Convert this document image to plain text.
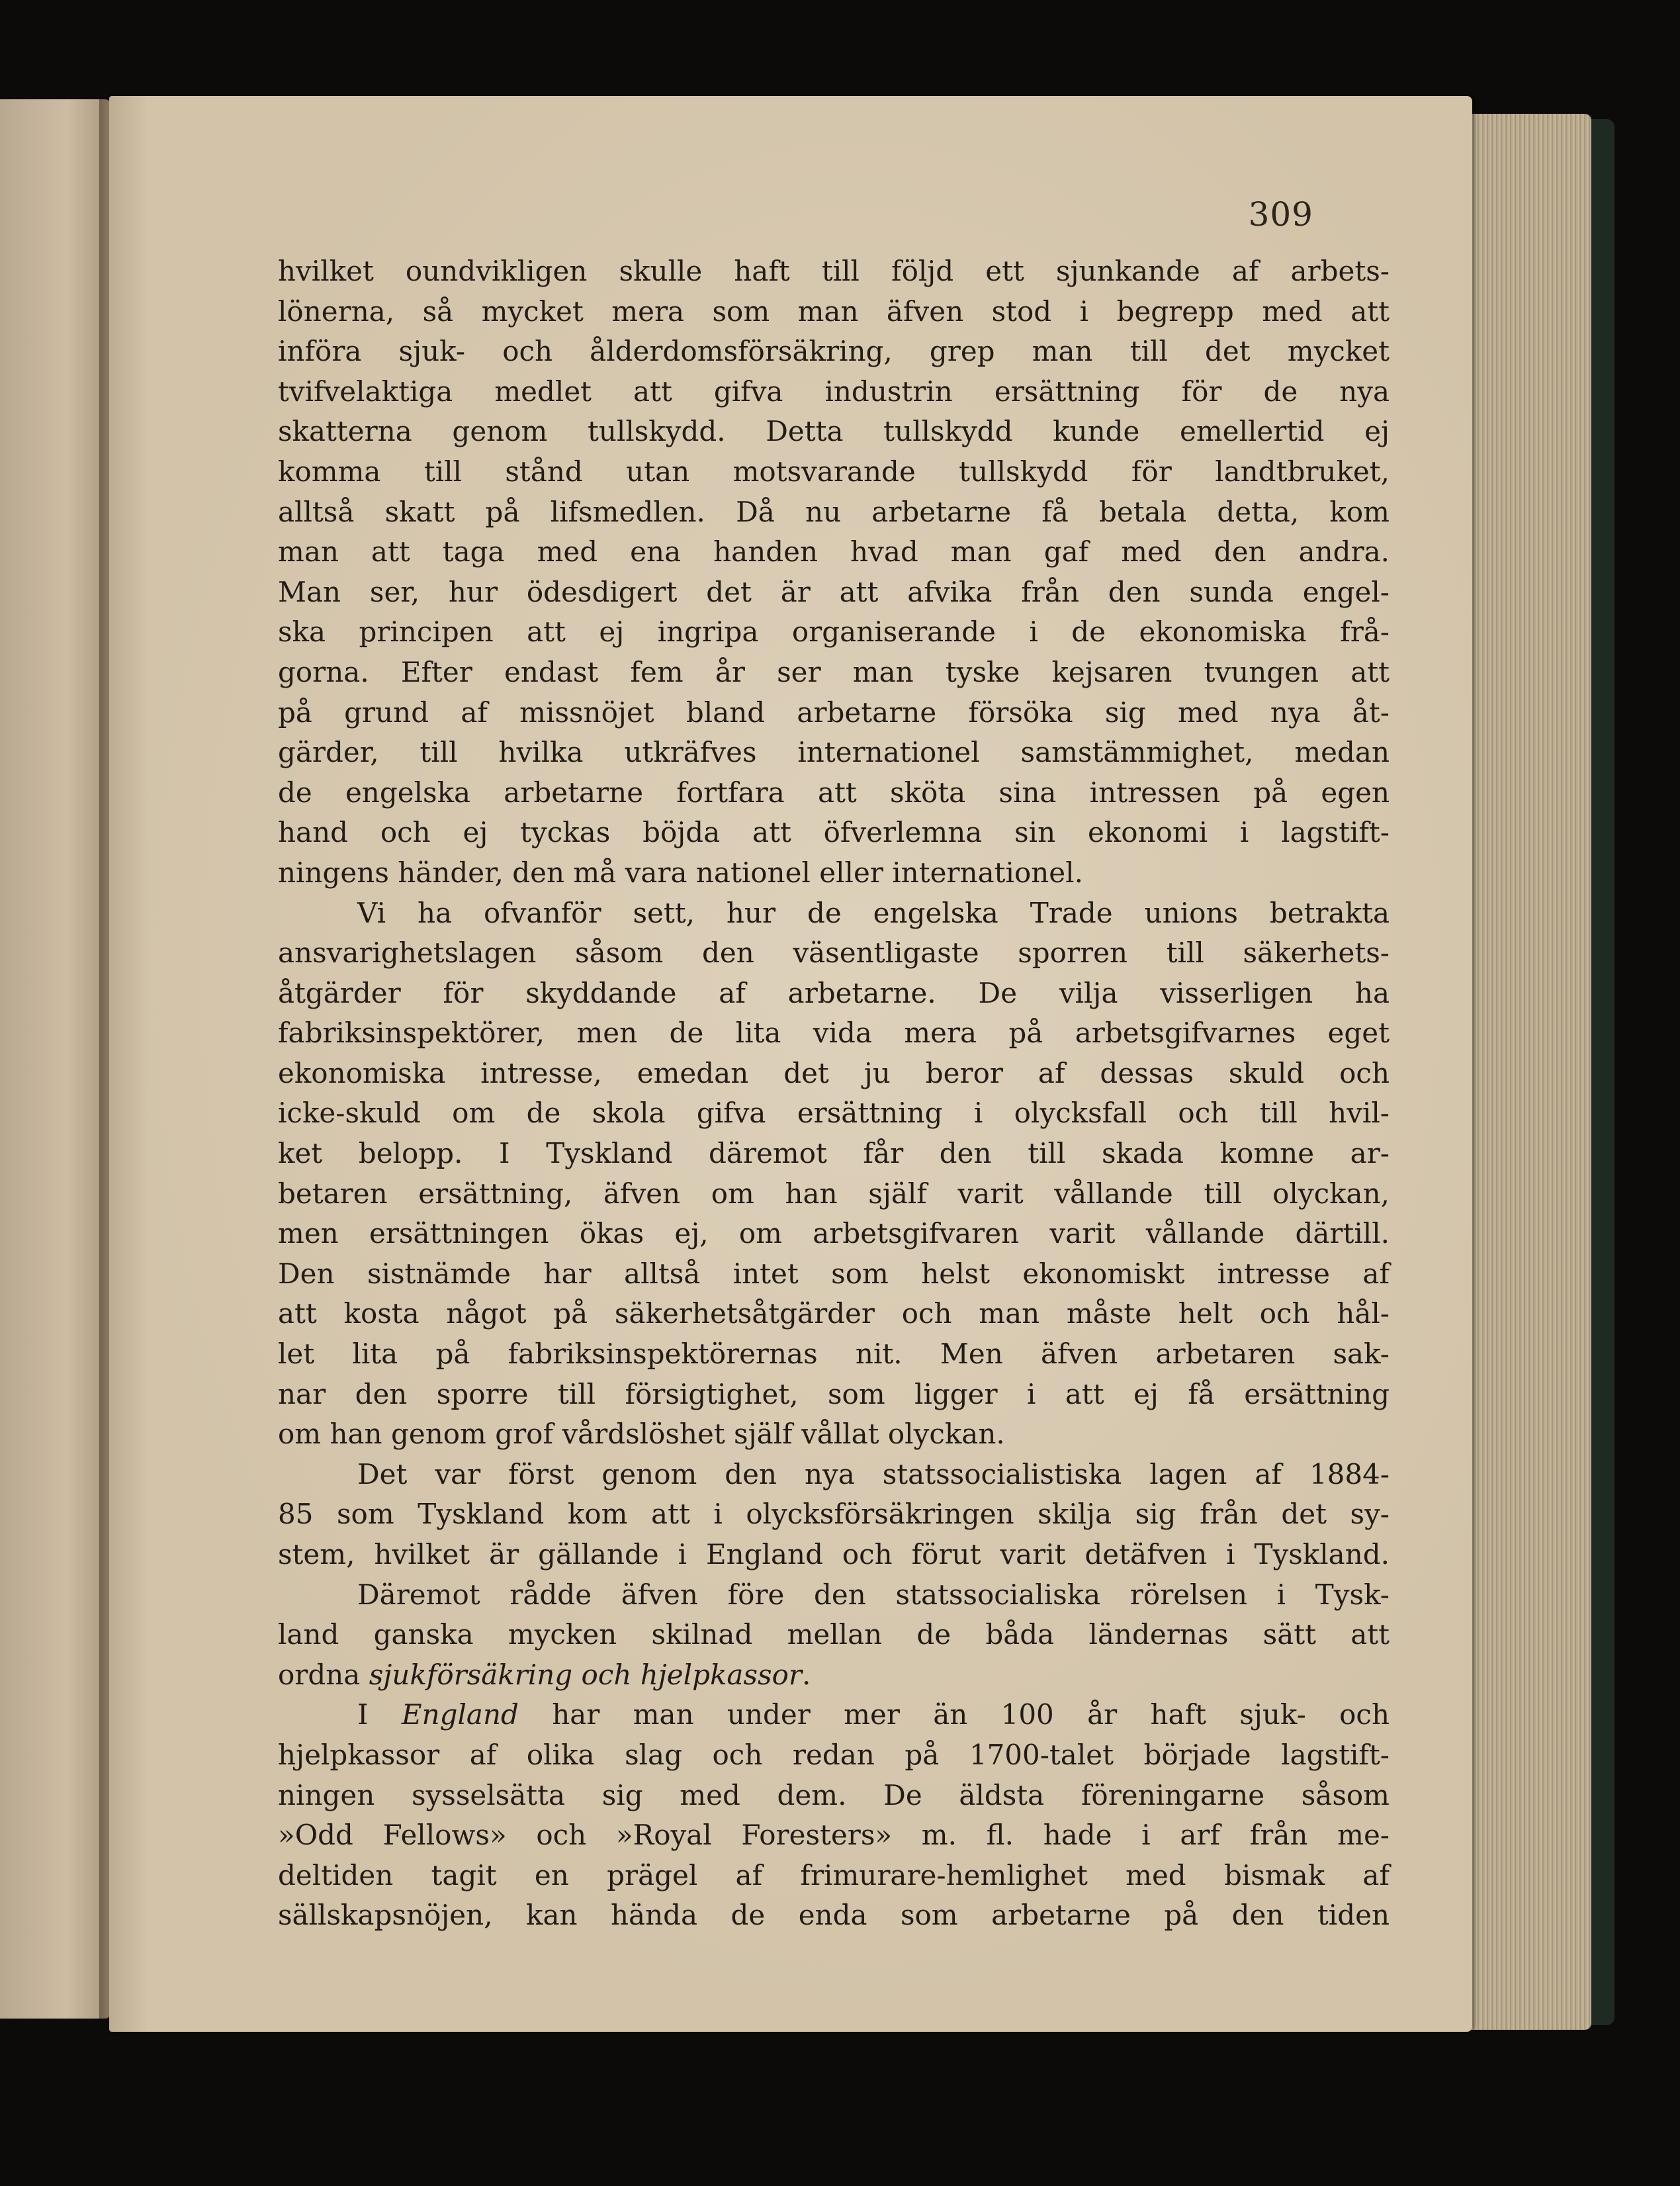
309
hvilket oundvikligen skulle haft till följd ett sjunkande af arbets-
lönerna, så mycket mera som man äfven stod i begrepp med att
införa sjuk- och ålderdomsförsäkring, grep man till det mycket
tvifvelaktiga medlet att gifva industrin ersättning för de nya
skatterna genom tullskydd. Detta tullskydd kunde emellertid ej
komma till stånd utan motsvarande tullskydd för landtbruket,
alltså skatt på lifsmedlen. Då nu arbetarne få betala detta, kom
man att taga med ena handen hvad man gaf med den andra.
Man ser, hur ödesdigert det är att afvika från den sunda engel-
ska principen att ej ingripa organiserande i de ekonomiska frå-
gorna. Efter endast fem år ser man tyske kejsaren tvungen att
på grund af missnöjet bland arbetarne försöka sig med nya åt-
gärder, till hvilka utkräfves internationel samstämmighet, medan
de engelska arbetarne fortfara att sköta sina intressen på egen
hand och ej tyckas böjda att öfverlemna sin ekonomi i lagstift-
ningens händer, den må vara nationel eller internationel.
Vi ha ofvanför sett, hur de engelska Trade unions betrakta
ansvarighetslagen såsom den väsentligaste sporren till säkerhets-
åtgärder för skyddande af arbetarne. De vilja visserligen ha
fabriksinspektörer, men de lita vida mera på arbetsgifvarnes eget
ekonomiska intresse, emedan det ju beror af dessas skuld och
icke-skuld om de skola gifva ersättning i olycksfall och till hvil-
ket belopp. I Tyskland däremot får den till skada komne ar-
betaren ersättning, äfven om han själf varit vållande till olyckan,
men ersättningen ökas ej, om arbetsgifvaren varit vållande därtill.
Den sistnämde har alltså intet som helst ekonomiskt intresse af
att kosta något på säkerhetsåtgärder och man måste helt och hål-
let lita på fabriksinspektörernas nit. Men äfven arbetaren sak-
nar den sporre till försigtighet, som ligger i att ej få ersättning
om han genom grof vårdslöshet själf vållat olyckan.
Det var först genom den nya statssocialistiska lagen af 1884-
85 som Tyskland kom att i olycksförsäkringen skilja sig från det sy-
stem, hvilket är gällande i England och förut varit detäfven i Tyskland.
Däremot rådde äfven före den statssocialiska rörelsen i Tysk-
land ganska mycken skilnad mellan de båda ländernas sätt att
ordna sjukförsäkring och hjelpkassor.
I England har man under mer än 100 år haft sjuk- och
hjelpkassor af olika slag och redan på 1700-talet började lagstift-
ningen sysselsätta sig med dem. De äldsta föreningarne såsom
»Odd Fellows» och »Royal Foresters» m. fl. hade i arf från me-
deltiden tagit en prägel af frimurare-hemlighet med bismak af
sällskapsnöjen, kan hända de enda som arbetarne på den tiden
